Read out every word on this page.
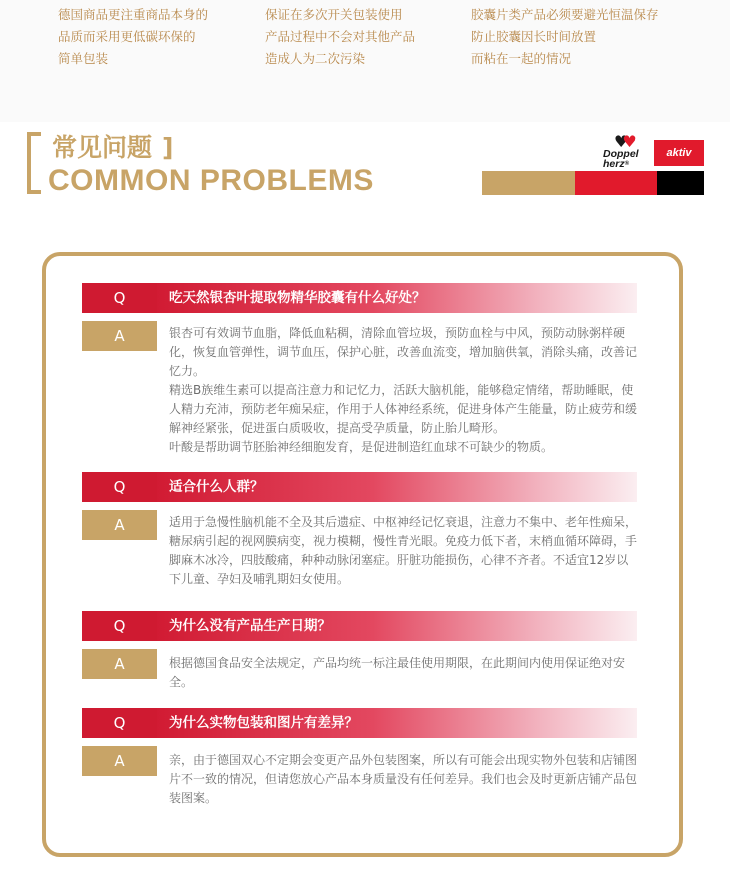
德国商品更注重商品本身的
品质而采用更低碳环保的
简单包装
保证在多次开关包装使用
产品过程中不会对其他产品
造成人为二次污染
胶囊片类产品必须要避光恒温保存
防止胶囊因长时间放置
而粘在一起的情况
常见问题 ]
COMMON PROBLEMS
♥♥
Doppel
herz®
aktiv
Q	吃天然银杏叶提取物精华胶囊有什么好处？
A	银杏可有效调节血脂，降低血粘稠，清除血管垃圾，预防血栓与中风，预防动脉粥样硬化，恢复血管弹性，调节血压，保护心脏，改善血流变，增加脑供氧，消除头痛，改善记忆力。

精选B族维生素可以提高注意力和记忆力，活跃大脑机能，能够稳定情绪，帮助睡眠，使人精力充沛，预防老年痴呆症，作用于人体神经系统，促进身体产生能量，防止疲劳和缓解神经紧张，促进蛋白质吸收，提高受孕质量，防止胎儿畸形。

叶酸是帮助调节胚胎神经细胞发育，是促进制造红血球不可缺少的物质。

Q	适合什么人群？
A	适用于急慢性脑机能不全及其后遗症、中枢神经记忆衰退，注意力不集中、老年性痴呆，糖尿病引起的视网膜病变，视力模糊，慢性青光眼。免疫力低下者，末梢血循环障碍，手脚麻木冰冷，四肢酸痛，种种动脉闭塞症。肝脏功能损伤，心律不齐者。不适宜12岁以下儿童、孕妇及哺乳期妇女使用。

Q	为什么没有产品生产日期？
A	根据德国食品安全法规定，产品均统一标注最佳使用期限，在此期间内使用保证绝对安全。

Q	为什么实物包装和图片有差异？
A	亲，由于德国双心不定期会变更产品外包装图案，所以有可能会出现实物外包装和店铺图片不一致的情况，但请您放心产品本身质量没有任何差异。我们也会及时更新店铺产品包装图案。
